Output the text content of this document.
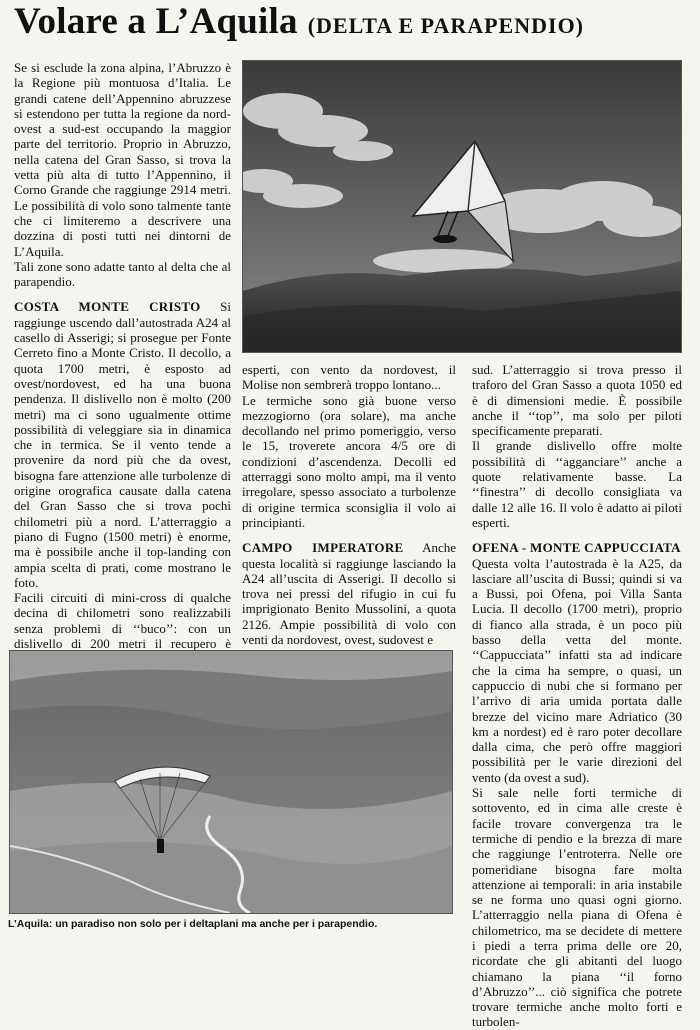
Volare a L’Aquila (DELTA E PARAPENDIO)

Se si esclude la zona alpina, l’Abruzzo è la Regione più montuosa d’Italia. Le grandi catene dell’Appennino abruzzese si estendono per tutta la regione da nord-ovest a sud-est occupando la maggior parte del territorio. Proprio in Abruzzo, nella catena del Gran Sasso, si trova la vetta più alta di tutto l’Appennino, il Corno Grande che raggiunge 2914 metri. Le possibilità di volo sono talmente tante che ci limiteremo a descrivere una dozzina di posti tutti nei dintorni de L’Aquila.

Tali zone sono adatte tanto al delta che al parapendio.

COSTA MONTE CRISTO Si raggiunge uscendo dall’autostrada A24 al casello di Asserigi; si prosegue per Fonte Cerreto fino a Monte Cristo. Il decollo, a quota 1700 metri, è esposto ad ovest/nordovest, ed ha una buona pendenza. Il dislivello non è molto (200 metri) ma ci sono ugualmente ottime possibilità di veleggiare sia in dinamica che in termica. Se il vento tende a provenire da nord più che da ovest, bisogna fare attenzione alle turbolenze di origine orografica causate dalla catena del Gran Sasso che si trova pochi chilometri più a nord. L’atterraggio a piano di Fugno (1500 metri) è enorme, ma è possibile anche il top-landing con ampia scelta di prati, come mostrano le foto.

Facili circuiti di mini-cross di qualche decina di chilometri sono realizzabili senza problemi di ‘‘buco’’: con un dislivello di 200 metri il recupero è

esperti, con vento da nordovest, il Molise non sembrerà troppo lontano...

Le termiche sono già buone verso mezzogiorno (ora solare), ma anche decollando nel primo pomeriggio, verso le 15, troverete ancora 4/5 ore di condizioni d’ascendenza. Decolli ed atterraggi sono molto ampi, ma il vento irregolare, spesso associato a turbolenze di origine termica sconsiglia il volo ai principianti.

CAMPO IMPERATORE Anche questa località si raggiunge lasciando la A24 all’uscita di Asserigi. Il decollo si trova nei pressi del rifugio in cui fu imprigionato Benito Mussolini, a quota 2126. Ampie possibilità di volo con venti da nordovest, ovest, sudovest e

sud. L’atterraggio si trova presso il traforo del Gran Sasso a quota 1050 ed è di dimensioni medie. È possibile anche il ‘‘top’’, ma solo per piloti specificamente preparati.

Il grande dislivello offre molte possibilità di ‘‘agganciare’’ anche a quote relativamente basse. La ‘‘finestra’’ di decollo consigliata va dalle 12 alle 16. Il volo è adatto ai piloti esperti.

OFENA - MONTE CAPPUCCIATA

Questa volta l’autostrada è la A25, da lasciare all’uscita di Bussi; quindi si va a Bussi, poi Ofena, poi Villa Santa Lucia. Il decollo (1700 metri), proprio di fianco alla strada, è un poco più basso della vetta del monte. ‘‘Cappucciata’’ infatti sta ad indicare che la cima ha sempre, o quasi, un cappuccio di nubi che si formano per l’arrivo di aria umida portata dalle brezze del vicino mare Adriatico (30 km a nordest) ed è raro poter decollare dalla cima, che però offre maggiori possibilità per le varie direzioni del vento (da ovest a sud).

Si sale nelle forti termiche di sottovento, ed in cima alle creste è facile trovare convergenza tra le termiche di pendio e la brezza di mare che raggiunge l’entroterra. Nelle ore pomeridiane bisogna fare molta attenzione ai temporali: in aria instabile se ne forma uno quasi ogni giorno. L’atterraggio nella piana di Ofena è chilometrico, ma se decidete di mettere i piedi a terra prima delle ore 20, ricordate che gli abitanti del luogo chiamano la piana ‘‘il forno d’Abruzzo’’... ciò significa che potrete trovare termiche anche molto forti e turbolen-

L’Aquila: un paradiso non solo per i deltaplani ma anche per i parapendio.
